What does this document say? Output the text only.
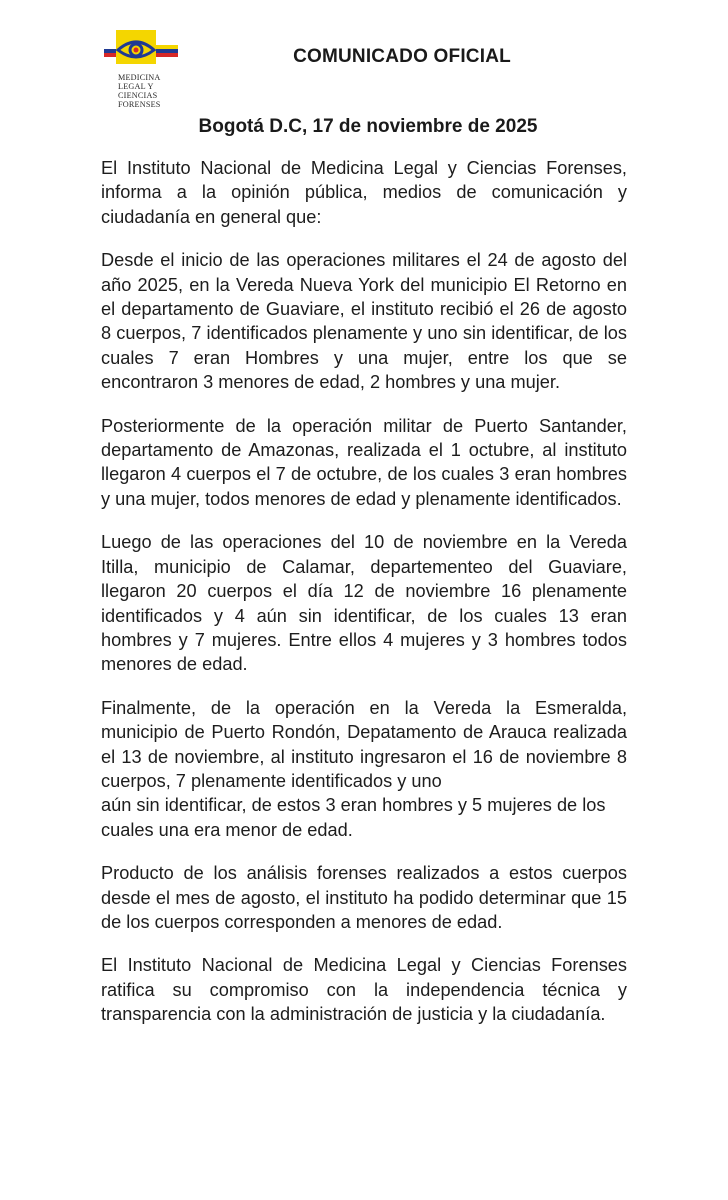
MEDICINA
LEGAL Y
CIENCIAS
FORENSES
COMUNICADO OFICIAL
Bogotá D.C, 17 de noviembre de 2025

El Instituto Nacional de Medicina Legal y Ciencias Forenses, informa a la opinión pública, medios de comunicación y ciudadanía en general que:

Desde el inicio de las operaciones militares el 24 de agosto del año 2025, en la Vereda Nueva York del municipio El Retorno en el departamento de Guaviare, el instituto recibió el 26 de agosto 8 cuerpos, 7 identificados plenamente y uno sin identificar, de los cuales 7 eran Hombres y una mujer, entre los que se encontraron 3 menores de edad, 2 hombres y una mujer.

Posteriormente de la operación militar de Puerto Santander, departamento de Amazonas, realizada el 1 octubre, al instituto llegaron 4 cuerpos el 7 de octubre, de los cuales 3 eran hombres y una mujer, todos menores de edad y plenamente identificados.

Luego de las operaciones del 10 de noviembre en la Vereda Itilla, municipio de Calamar, departementeo del Guaviare, llegaron 20 cuerpos el día 12 de noviembre 16 plenamente identificados y 4 aún sin identificar, de los cuales 13 eran hombres y 7 mujeres. Entre ellos 4 mujeres y 3 hombres todos menores de edad.

Finalmente, de la operación en la Vereda la Esmeralda, municipio de Puerto Rondón, Depatamento de Arauca realizada el 13 de noviembre, al instituto ingresaron el 16 de noviembre 8 cuerpos, 7 plenamente identificados y uno

aún sin identificar, de estos 3 eran hombres y 5 mujeres de los cuales una era menor de edad.

Producto de los análisis forenses realizados a estos cuerpos desde el mes de agosto, el instituto ha podido determinar que 15 de los cuerpos corresponden a menores de edad.

El Instituto Nacional de Medicina Legal y Ciencias Forenses ratifica su compromiso con la independencia técnica y transparencia con la administración de justicia y la ciudadanía.
